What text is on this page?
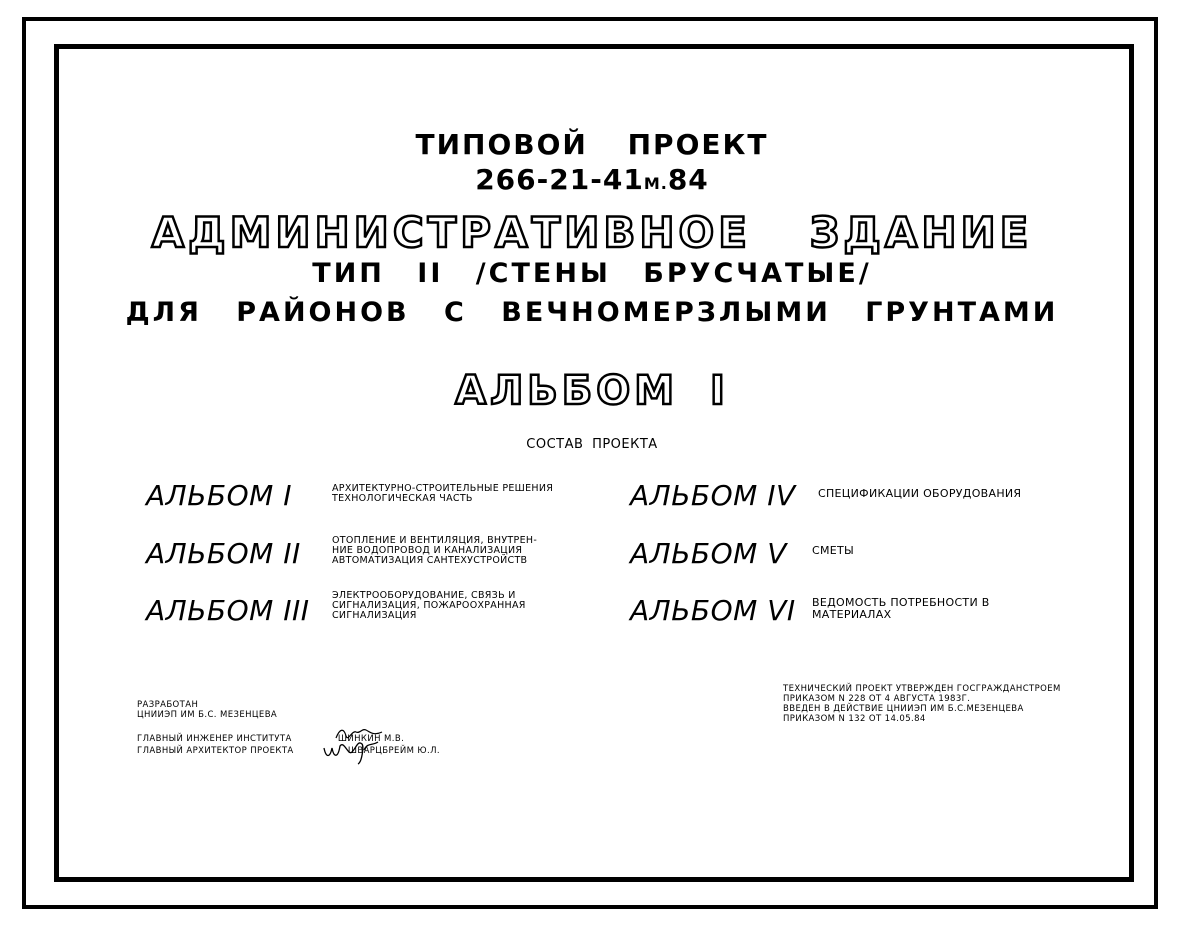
ТИПОВОЙ ПРОЕКТ
266-21-41М.84
АДМИНИСТРАТИВНОЕ ЗДАНИЕ
ТИП II /СТЕНЫ БРУСЧАТЫЕ/
ДЛЯ РАЙОНОВ С ВЕЧНОМЕРЗЛЫМИ ГРУНТАМИ
АЛЬБОМ I
СОСТАВ ПРОЕКТА
АЛЬБОМ I	АРХИТЕКТУРНО-СТРОИТЕЛЬНЫЕ РЕШЕНИЯ
ТЕХНОЛОГИЧЕСКАЯ ЧАСТЬ
АЛЬБОМ II	ОТОПЛЕНИЕ И ВЕНТИЛЯЦИЯ, ВНУТРЕН-
НИЕ ВОДОПРОВОД И КАНАЛИЗАЦИЯ
АВТОМАТИЗАЦИЯ САНТЕХУСТРОЙСТВ
АЛЬБОМ III ЭЛЕКТРООБОРУДОВАНИЕ, СВЯЗЬ И
СИГНАЛИЗАЦИЯ, ПОЖАРООХРАННАЯ
СИГНАЛИЗАЦИЯ
АЛЬБОМ IV СПЕЦИФИКАЦИИ ОБОРУДОВАНИЯ
АЛЬБОМ V СМЕТЫ
АЛЬБОМ VI ВЕДОМОСТЬ ПОТРЕБНОСТИ В
МАТЕРИАЛАХ
РАЗРАБОТАН
ЦНИИЭП ИМ Б.С. МЕЗЕНЦЕВА
ГЛАВНЫЙ ИНЖЕНЕР ИНСТИТУТА	ШИНКИН М.В.
ГЛАВНЫЙ АРХИТЕКТОР ПРОЕКТА	ШВАРЦБРЕЙМ Ю.Л.
ТЕХНИЧЕСКИЙ ПРОЕКТ УТВЕРЖДЕН ГОСГРАЖДАНСТРОЕМ
ПРИКАЗОМ N 228 ОТ 4 АВГУСТА 1983Г.
ВВЕДЕН В ДЕЙСТВИЕ ЦНИИЭП ИМ Б.С.МЕЗЕНЦЕВА
ПРИКАЗОМ N 132 ОТ 14.05.84
